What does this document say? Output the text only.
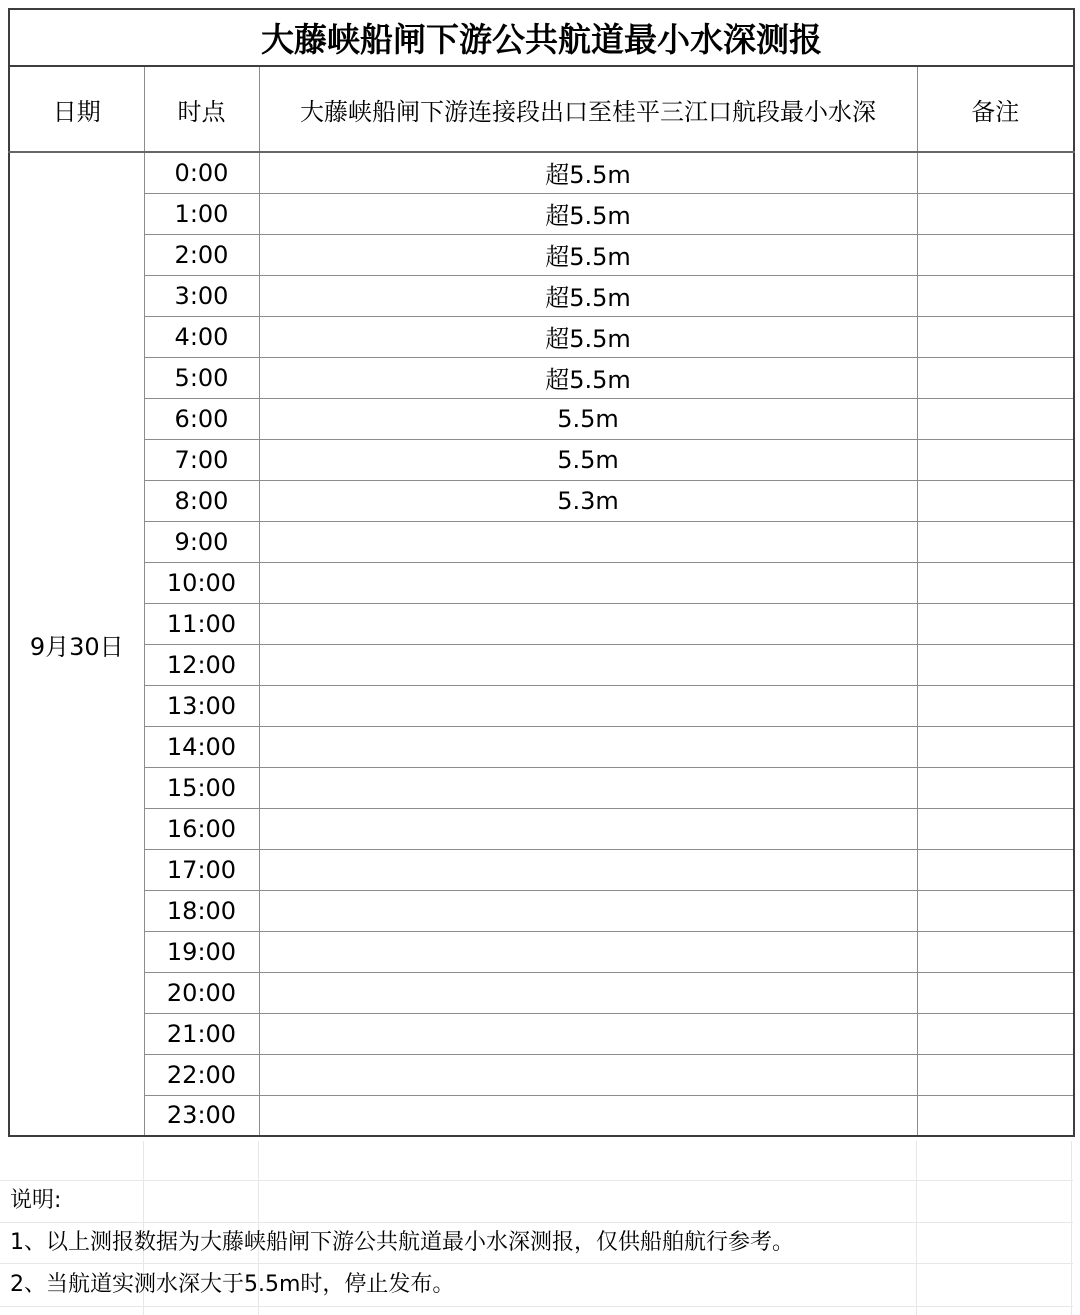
大藤峡船闸下游公共航道最小水深测报			
日期	时点	大藤峡船闸下游连接段出口至桂平三江口航段最小水深	备注
9月30日	0:00	超5.5m	
	1:00	超5.5m	
	2:00	超5.5m	
	3:00	超5.5m	
	4:00	超5.5m	
	5:00	超5.5m	
	6:00	5.5m	
	7:00	5.5m	
	8:00	5.3m	
	9:00		
	10:00		
	11:00		
	12:00		
	13:00		
	14:00		
	15:00		
	16:00		
	17:00		
	18:00		
	19:00		
	20:00		
	21:00		
	22:00		
	23:00		
说明:
1、以上测报数据为大藤峡船闸下游公共航道最小水深测报，仅供船舶航行参考。
2、当航道实测水深大于5.5m时，停止发布。
